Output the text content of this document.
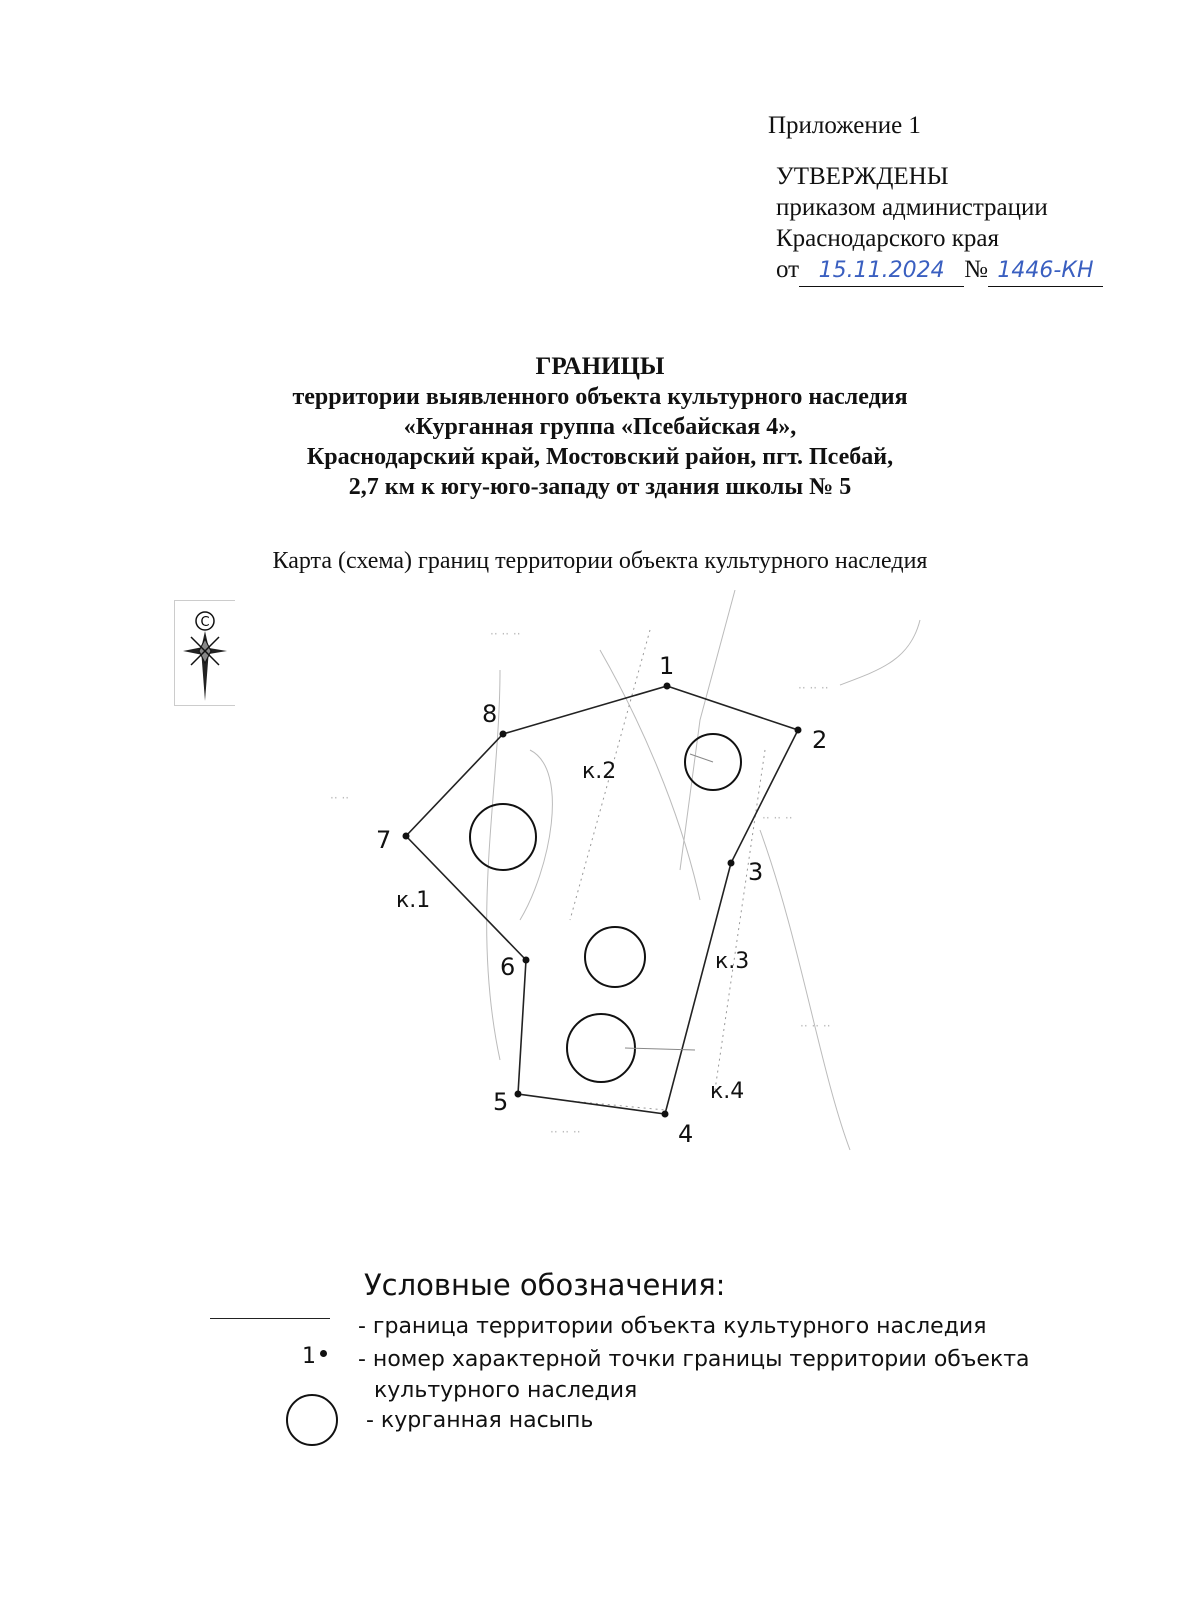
Приложение 1
УТВЕРЖДЕНЫ
приказом администрации
Краснодарского края
от 15.11.2024 № 1446-КН
ГРАНИЦЫ
территории выявленного объекта культурного наследия
«Курганная группа «Псебайская 4»,
Краснодарский край, Мостовский район, пгт. Псебай,
2,7 км к югу-юго-западу от здания школы № 5
Карта (схема) границ территории объекта культурного наследия
С
·· ·· ··
·· ··
·· ·· ··
·· ·· ··
·· ·· ··
·· ·· ··
1
2
3
4
5
6
7
8
к.1
к.2
к.3
к.4
Условные обозначения:
- граница территории объекта культурного наследия
1	- номер характерной точки границы территории объекта
культурного наследия
- курганная насыпь
